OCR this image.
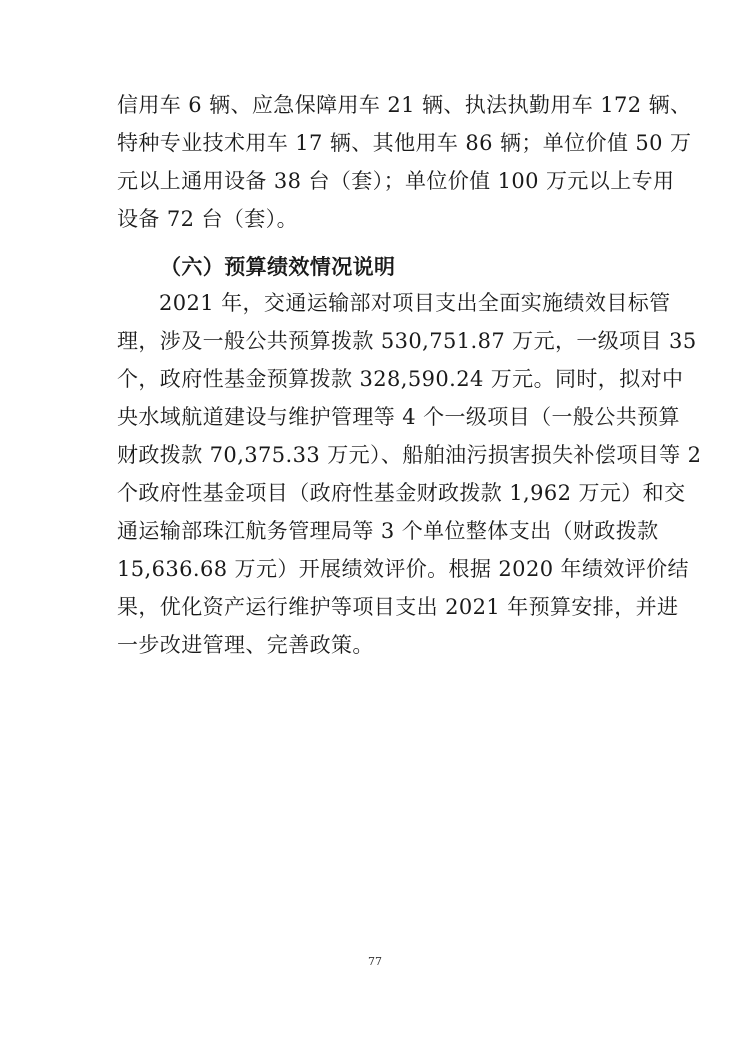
信用车 6 辆、应急保障用车 21 辆、执法执勤用车 172 辆、
特种专业技术用车 17 辆、其他用车 86 辆；单位价值 50 万
元以上通用设备 38 台（套）；单位价值 100 万元以上专用
设备 72 台（套）。
（六）预算绩效情况说明
2021 年，交通运输部对项目支出全面实施绩效目标管
理，涉及一般公共预算拨款 530,751.87 万元，一级项目 35
个，政府性基金预算拨款 328,590.24 万元。同时，拟对中
央水域航道建设与维护管理等 4 个一级项目（一般公共预算
财政拨款 70,375.33 万元）、船舶油污损害损失补偿项目等 2
个政府性基金项目（政府性基金财政拨款 1,962 万元）和交
通运输部珠江航务管理局等 3 个单位整体支出（财政拨款
15,636.68 万元）开展绩效评价。根据 2020 年绩效评价结
果，优化资产运行维护等项目支出 2021 年预算安排，并进
一步改进管理、完善政策。
77
